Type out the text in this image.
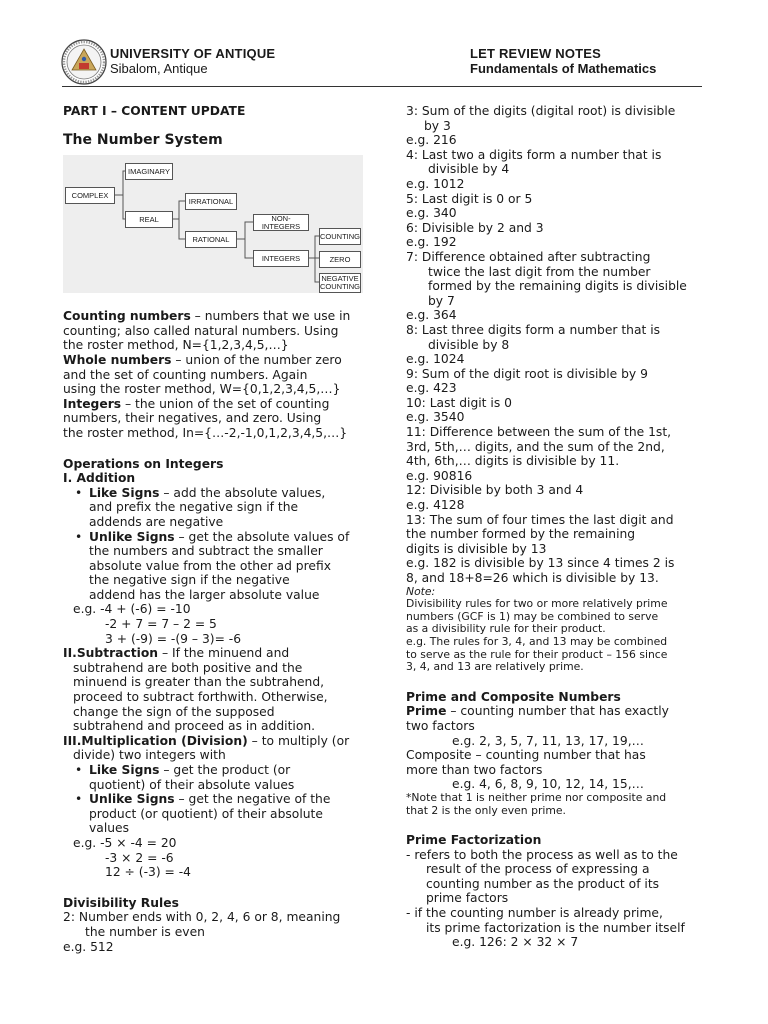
UNIVERSITY OF ANTIQUE
Sibalom, Antique
LET REVIEW NOTES
Fundamentals of Mathematics
PART I – CONTENT UPDATE
The Number System
COMPLEX
IMAGINARY
REAL
IRRATIONAL
RATIONAL
NON-INTEGERS
INTEGERS
COUNTING
ZERO
NEGATIVE
COUNTING
Counting numbers – numbers that we use in
counting; also called natural numbers. Using
the roster method, N={1,2,3,4,5,…}
Whole numbers – union of the number zero
and the set of counting numbers. Again
using the roster method, W={0,1,2,3,4,5,…}
Integers – the union of the set of counting
numbers, their negatives, and zero. Using
the roster method, In={…-2,-1,0,1,2,3,4,5,…}
Operations on Integers
I. Addition
• Like Signs – add the absolute values,
and prefix the negative sign if the
addends are negative
• Unlike Signs – get the absolute values of
the numbers and subtract the smaller
absolute value from the other ad prefix
the negative sign if the negative
addend has the larger absolute value
e.g. -4 + (-6) = -10
-2 + 7 = 7 – 2 = 5
3 + (-9) = -(9 – 3)= -6
II.Subtraction – If the minuend and
subtrahend are both positive and the
minuend is greater than the subtrahend,
proceed to subtract forthwith. Otherwise,
change the sign of the supposed
subtrahend and proceed as in addition.
III.Multiplication (Division) – to multiply (or
divide) two integers with
• Like Signs – get the product (or
quotient) of their absolute values
• Unlike Signs – get the negative of the
product (or quotient) of their absolute
values
e.g. -5 × -4 = 20
-3 × 2 = -6
12 ÷ (-3) = -4
Divisibility Rules
2: Number ends with 0, 2, 4, 6 or 8, meaning
the number is even
e.g. 512
3: Sum of the digits (digital root) is divisible
by 3
e.g. 216
4: Last two a digits form a number that is
divisible by 4
e.g. 1012
5: Last digit is 0 or 5
e.g. 340
6: Divisible by 2 and 3
e.g. 192
7: Difference obtained after subtracting
twice the last digit from the number
formed by the remaining digits is divisible
by 7
e.g. 364
8: Last three digits form a number that is
divisible by 8
e.g. 1024
9: Sum of the digit root is divisible by 9
e.g. 423
10: Last digit is 0
e.g. 3540
11: Difference between the sum of the 1st,
3rd, 5th,… digits, and the sum of the 2nd,
4th, 6th,… digits is divisible by 11.
e.g. 90816
12: Divisible by both 3 and 4
e.g. 4128
13: The sum of four times the last digit and
the number formed by the remaining
digits is divisible by 13
e.g. 182 is divisible by 13 since 4 times 2 is
8, and 18+8=26 which is divisible by 13.
Note:
Divisibility rules for two or more relatively prime
numbers (GCF is 1) may be combined to serve
as a divisibility rule for their product.
e.g. The rules for 3, 4, and 13 may be combined
to serve as the rule for their product – 156 since
3, 4, and 13 are relatively prime.
Prime and Composite Numbers
Prime – counting number that has exactly
two factors
e.g. 2, 3, 5, 7, 11, 13, 17, 19,…
Composite – counting number that has
more than two factors
e.g. 4, 6, 8, 9, 10, 12, 14, 15,…
*Note that 1 is neither prime nor composite and
that 2 is the only even prime.
Prime Factorization
- refers to both the process as well as to the
result of the process of expressing a
counting number as the product of its
prime factors
- if the counting number is already prime,
its prime factorization is the number itself
e.g. 126: 2 × 32 × 7
